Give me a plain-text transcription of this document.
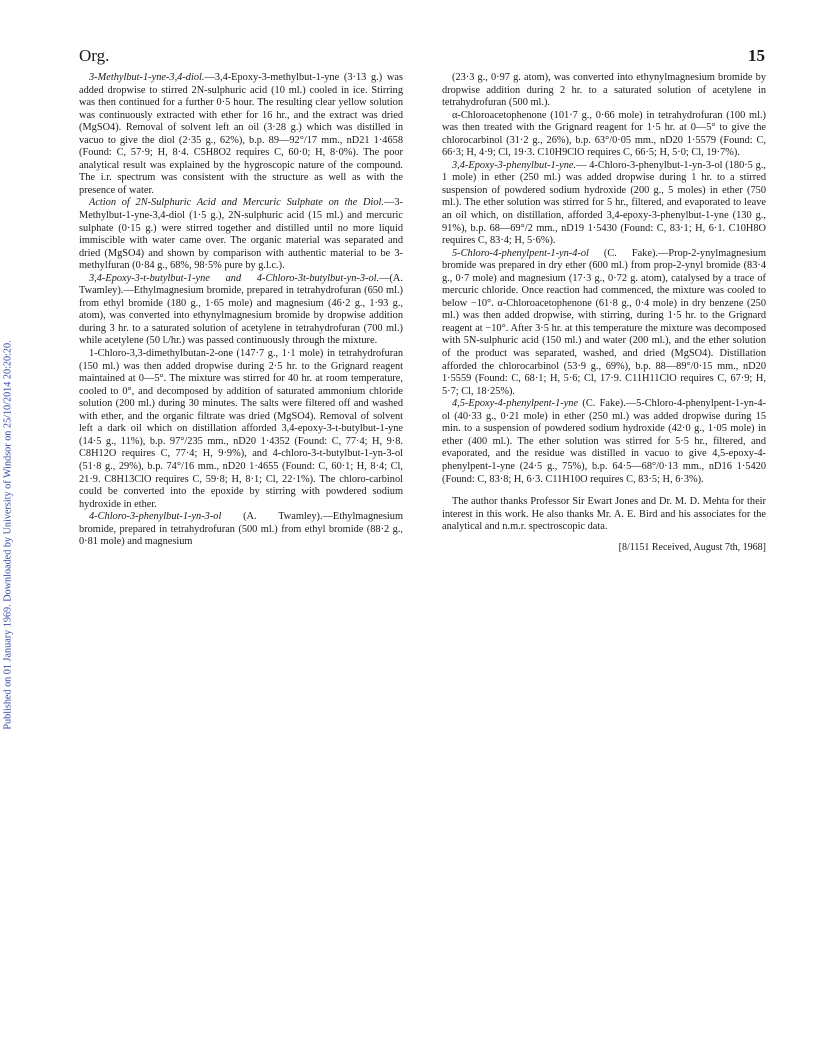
Published on 01 January 1969. Downloaded by University of Windsor on 25/10/2014 20:20:20.
Org.	15

3-Methylbut-1-yne-3,4-diol.—3,4-Epoxy-3-methylbut-1-yne (3·13 g.) was added dropwise to stirred 2N-sulphuric acid (10 ml.) cooled in ice. Stirring was then continued for a further 0·5 hour. The resulting clear yellow solution was continuously extracted with ether for 16 hr., and the extract was dried (MgSO4). Removal of solvent left an oil (3·28 g.) which was distilled in vacuo to give the diol (2·35 g., 62%), b.p. 89—92°/17 mm., nD21 1·4658 (Found: C, 57·9; H, 8·4. C5H8O2 requires C, 60·0; H, 8·0%). The poor analytical result was explained by the hygroscopic nature of the compound. The i.r. spectrum was consistent with the structure as well as with the presence of water.

Action of 2N-Sulphuric Acid and Mercuric Sulphate on the Diol.—3-Methylbut-1-yne-3,4-diol (1·5 g.), 2N-sulphuric acid (15 ml.) and mercuric sulphate (0·15 g.) were stirred together and distilled until no more liquid immiscible with water came over. The organic material was separated and dried (MgSO4) and shown by comparison with authentic material to be 3-methylfuran (0·84 g., 68%, 98·5% pure by g.l.c.).

3,4-Epoxy-3-t-butylbut-1-yne and 4-Chloro-3t-butylbut-yn-3-ol.—(A. Twamley).—Ethylmagnesium bromide, prepared in tetrahydrofuran (650 ml.) from ethyl bromide (180 g., 1·65 mole) and magnesium (46·2 g., 1·93 g., atom), was converted into ethynylmagnesium bromide by dropwise addition during 3 hr. to a saturated solution of acetylene in tetrahydrofuran (700 ml.) while acetylene (50 l./hr.) was passed continuously through the mixture.

1-Chloro-3,3-dimethylbutan-2-one (147·7 g., 1·1 mole) in tetrahydrofuran (150 ml.) was then added dropwise during 2·5 hr. to the Grignard reagent maintained at 0—5°. The mixture was stirred for 40 hr. at room temperature, cooled to 0°, and decomposed by addition of saturated ammonium chloride solution (200 ml.) during 30 minutes. The salts were filtered off and washed with ether, and the organic filtrate was dried (MgSO4). Removal of solvent left a dark oil which on distillation afforded 3,4-epoxy-3-t-butylbut-1-yne (14·5 g., 11%), b.p. 97°/235 mm., nD20 1·4352 (Found: C, 77·4; H, 9·8. C8H12O requires C, 77·4; H, 9·9%), and 4-chloro-3-t-butylbut-1-yn-3-ol (51·8 g., 29%), b.p. 74°/16 mm., nD20 1·4655 (Found: C, 60·1; H, 8·4; Cl, 21·9. C8H13ClO requires C, 59·8; H, 8·1; Cl, 22·1%). The chloro-carbinol could be converted into the epoxide by stirring with powdered sodium hydroxide in ether.

4-Chloro-3-phenylbut-1-yn-3-ol (A. Twamley).—Ethylmagnesium bromide, prepared in tetrahydrofuran (500 ml.) from ethyl bromide (88·2 g., 0·81 mole) and magnesium

(23·3 g., 0·97 g. atom), was converted into ethynylmagnesium bromide by dropwise addition during 2 hr. to a saturated solution of acetylene in tetrahydrofuran (500 ml.).

α-Chloroacetophenone (101·7 g., 0·66 mole) in tetrahydrofuran (100 ml.) was then treated with the Grignard reagent for 1·5 hr. at 0—5° to give the chlorocarbinol (31·2 g., 26%), b.p. 63°/0·05 mm., nD20 1·5579 (Found: C, 66·3; H, 4·9; Cl, 19·3. C10H9ClO requires C, 66·5; H, 5·0; Cl, 19·7%).

3,4-Epoxy-3-phenylbut-1-yne.— 4-Chloro-3-phenylbut-1-yn-3-ol (180·5 g., 1 mole) in ether (250 ml.) was added dropwise during 1 hr. to a stirred suspension of powdered sodium hydroxide (200 g., 5 moles) in ether (750 ml.). The ether solution was stirred for 5 hr., filtered, and evaporated to leave an oil which, on distillation, afforded 3,4-epoxy-3-phenylbut-1-yne (130 g., 91%), b.p. 68—69°/2 mm., nD19 1·5430 (Found: C, 83·1; H, 6·1. C10H8O requires C, 83·4; H, 5·6%).

5-Chloro-4-phenylpent-1-yn-4-ol (C. Fake).—Prop-2-ynylmagnesium bromide was prepared in dry ether (600 ml.) from prop-2-ynyl bromide (83·4 g., 0·7 mole) and magnesium (17·3 g., 0·72 g. atom), catalysed by a trace of mercuric chloride. Once reaction had commenced, the mixture was cooled to below −10°. α-Chloroacetophenone (61·8 g., 0·4 mole) in dry benzene (250 ml.) was then added dropwise, with stirring, during 1·5 hr. to the Grignard reagent at −10°. After 3·5 hr. at this temperature the mixture was decomposed with 5N-sulphuric acid (150 ml.) and water (200 ml.), and the ether solution of the product was separated, washed, and dried (MgSO4). Distillation afforded the chlorocarbinol (53·9 g., 69%), b.p. 88—89°/0·15 mm., nD20 1·5559 (Found: C, 68·1; H, 5·6; Cl, 17·9. C11H11ClO requires C, 67·9; H, 5·7; Cl, 18·25%).

4,5-Epoxy-4-phenylpent-1-yne (C. Fake).—5-Chloro-4-phenylpent-1-yn-4-ol (40·33 g., 0·21 mole) in ether (250 ml.) was added dropwise during 15 min. to a suspension of powdered sodium hydroxide (42·0 g., 1·05 mole) in ether (400 ml.). The ether solution was stirred for 5·5 hr., filtered, and evaporated, and the residue was distilled in vacuo to give 4,5-epoxy-4-phenylpent-1-yne (24·5 g., 75%), b.p. 64·5—68°/0·13 mm., nD16 1·5420 (Found: C, 83·8; H, 6·3. C11H10O requires C, 83·5; H, 6·3%).

The author thanks Professor Sir Ewart Jones and Dr. M. D. Mehta for their interest in this work. He also thanks Mr. A. E. Bird and his associates for the analytical and n.m.r. spectroscopic data.

[8/1151 Received, August 7th, 1968]
